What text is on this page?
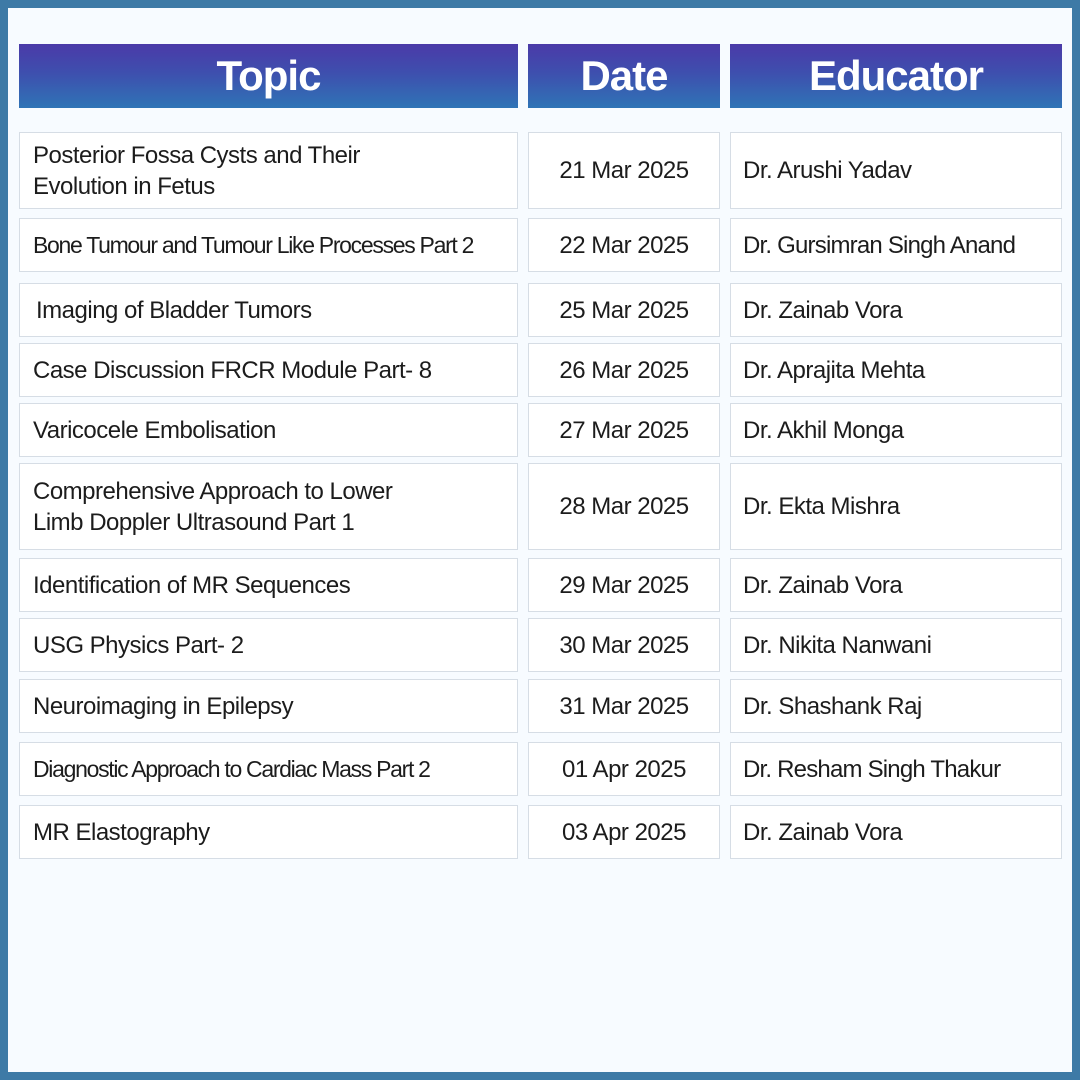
Topic	Date	Educator
Posterior Fossa Cysts and Their
Evolution in Fetus
21 Mar 2025	Dr. Arushi Yadav
Bone Tumour and Tumour Like Processes Part 2	22 Mar 2025	Dr. Gursimran Singh Anand
Imaging of Bladder Tumors	25 Mar 2025	Dr. Zainab Vora
Case Discussion FRCR Module Part- 8	26 Mar 2025	Dr. Aprajita Mehta
Varicocele Embolisation	27 Mar 2025	Dr. Akhil Monga
Comprehensive Approach to Lower
Limb Doppler Ultrasound Part 1
28 Mar 2025	Dr. Ekta Mishra
Identification of MR Sequences	29 Mar 2025	Dr. Zainab Vora
USG Physics Part- 2	30 Mar 2025	Dr. Nikita Nanwani
Neuroimaging in Epilepsy	31 Mar 2025	Dr. Shashank Raj
Diagnostic Approach to Cardiac Mass Part 2	01 Apr 2025	Dr. Resham Singh Thakur
MR Elastography	03 Apr 2025	Dr. Zainab Vora
